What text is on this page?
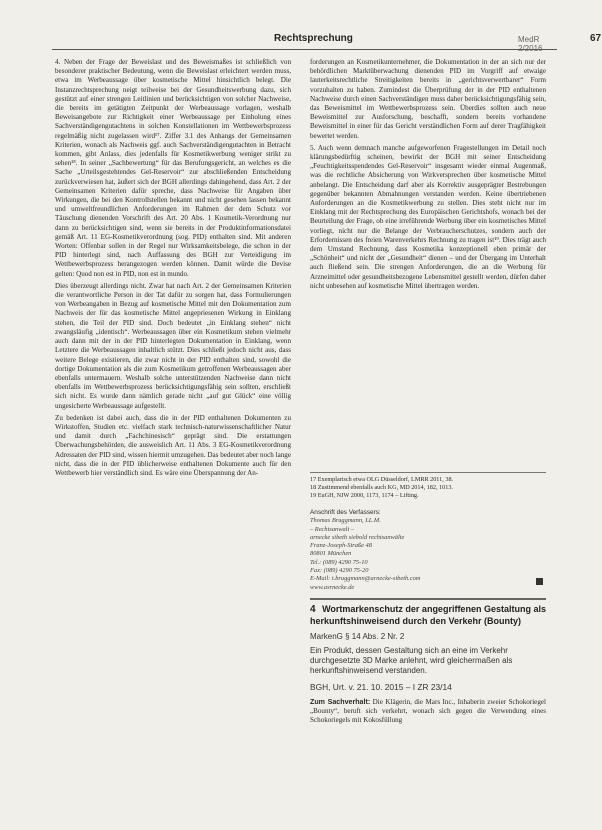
Rechtsprechung	MedR 2/2016
67

4. Neben der Frage der Beweislast und des Beweismaßes ist schließlich von besonderer praktischer Bedeutung, wenn die Beweislast erleichtert werden muss, etwa im Werbeaussage über kosmetische Mittel hinsichtlich belegt. Die Instanzrechtsprechung neigt teilweise bei der Gesundheitswerbung dazu, sich gestützt auf einer strengen Leitlinien und berücksichtigen von solcher Nachweise, die bereits im getätigten Zeitpunkt der Werbeaussage vorlagen, weshalb Beweisangebote zur Richtigkeit einer Werbeaussage per Einholung eines Sachverständigengutachtens in solchen Konstellationen im Wettbewerbsprozess regelmäßig nicht zugelassen wird¹⁷. Ziffer 3.1 des Anhangs der Gemeinsamen Kriterien, wonach als Nachweis ggf. auch Sachverständigengutachten in Betracht kommen, gibt Anlass, dies jedenfalls für Kosmetikwerbung weniger strikt zu sehen¹⁸. In seiner „Sachbewertung“ für das Berufungsgericht, an welches es die Sache „Urteilsgestehtendes Gel-Reservoir“ zur abschließenden Entscheidung zurückverwiesen hat, äußert sich der BGH allerdings dahingehend, dass Art. 2 der Gemeinsamen Kriterien dafür spreche, dass Nachweise für Angaben über Wirkungen, die bei den Kontrollstellen bekannt und nicht gesehen lassen bekannt und umweltfreundlichen Anforderungen im Rahmen der dem Schutz vor Täuschung dienenden Vorschrift des Art. 20 Abs. 1 Kosmetik-Verordnung nur dann zu berücksichtigen sind, wenn sie bereits in der Produktinformationsdatei gemäß Art. 11 EG-Kosmetikverordnung (sog. PID) enthalten sind. Mit anderen Worten: Offenbar sollen in der Regel nur Wirksamkeitsbelege, die schon in der PID hinterlegt sind, nach Auffassung des BGH zur Verteidigung im Wettbewerbsprozess herangezogen werden können. Damit würde die Devise gelten: Quod non est in PID, non est in mundo.

Dies überzeugt allerdings nicht. Zwar hat nach Art. 2 der Gemeinsamen Kriterien die verantwortliche Person in der Tat dafür zu sorgen hat, dass Formulierungen von Werbeangaben in Bezug auf kosmetische Mittel mit den Dokumentation zum Nachweis der für das kosmetische Mittel angepriesenen Wirkung in Einklang stehen, die Teil der PID sind. Doch bedeutet „in Einklang stehen“ nicht zwangsläufig „identisch“. Werbeaussagen über ein Kosmetikum stehen vielmehr auch dann mit der in der PID hinterlegten Dokumentation in Einklang, wenn Letztere die Werbeaussagen inhaltlich stützt. Dies schließt jedoch nicht aus, dass weitere Belege existieren, die zwar nicht in der PID enthalten sind, sowohl die dortige Dokumentation als die zum Kosmetikum getroffenen Werbeaussagen aber ebenfalls untermauern. Weshalb solche unterstützenden Nachweise dann nicht ebenfalls im Wettbewerbsprozess berücksichtigungsfähig sein sollten, erschließt sich nicht. Es wurde dann nämlich gerade nicht „auf gut Glück“ eine völlig ungesicherte Werbeaussage aufgestellt.

Zu bedenken ist dabei auch, dass die in der PID enthaltenen Dokumenten zu Wirkstoffen, Studien etc. vielfach stark technisch-naturwissenschaftlicher Natur und damit durch „Fachchinesisch“ geprägt sind. Die erstattungen Überwachungsbehörden, die ausweislich Art. 11 Abs. 3 EG-Kosmetikverordnung Adressaten der PID sind, wissen hiermit umzugehen. Das bedeutet aber noch lange nicht, dass die in der PID üblicherweise enthaltenen Dokumente auch für den Wettbewerb hier verständlich sind. Es wäre eine Überspannung der An-

forderungen an Kosmetikunternehmer, die Dokumentation in der an sich nur der behördlichen Marktüberwachung dienenden PID im Vorgriff auf etwaige lauterkeitsrechtliche Streitigkeiten bereits in „gerichtsverwertbarer“ Form vorzuhalten zu haben. Zumindest die Überprüfung der in der PID enthaltenen Nachweise durch einen Sachverständigen muss daher berücksichtigungsfähig sein, das Beweismittel im Wettbewerbsprozess sein. Überdies sollten auch neue Beweismittel zur Ausforschung, beschafft, sondern bereits vorhandene Beweismittel in einer für das Gericht verständlichen Form auf derer Tragfähigkeit bewertet werden.

5. Auch wenn demnach manche aufgeworfenen Fragestellungen im Detail noch klärungsbedürftig scheinen, bewirkt der BGH mit seiner Entscheidung „Feuchtigkeitsspendendes Gel-Reservoir“ insgesamt wieder einmal Augenmaß, was die rechtliche Absicherung von Wirkversprechen über kosmetische Mittel anbelangt. Die Entscheidung darf aber als Korrektiv ausgeprägter Bestrebungen gegenüber bekannten Abmahnungen verstanden werden. Keine übertriebenen Anforderungen an die Kosmetikwerbung zu stellen. Dies steht nicht nur im Einklang mit der Rechtsprechung des Europäischen Gerichtshofs, wonach bei der Beurteilung der Frage, ob eine irreführende Werbung über ein kosmetisches Mittel vorliegt, nicht nur die Belange der Verbraucherschutzes, sondern auch der Erfordernissen des freien Warenverkehrs Rechnung zu tragen ist¹⁹. Dies trägt auch dem Umstand Rechnung, dass Kosmetika konzeptionell eben primär der „Schönheit“ und nicht der „Gesundheit“ dienen – und der Übergang im Unterhalt auch fließend sein. Die strengen Anforderungen, die an die Werbung für Arzneimittel oder gesundheitsbezogene Lebensmittel gestellt werden, dürfen daher nicht unbesehen auf kosmetische Mittel übertragen werden.

17 Exemplarisch etwa OLG Düsseldorf, LMRR 2011, 38.
18 Zustimmend ebenfalls auch KG, MD 2014, 182, 1013.
19 EuGH, NJW 2000, 1173, 1174 – Lifting.
Anschrift des Verfassers:
Thomas Bruggmann, LL.M.
– Rechtsanwalt –
arnecke sibeth siebold rechtsanwälte
Franz-Joseph-Straße 48
80801 München
Tel.: (089) 4290 75-10
Fax: (089) 4290 75-20
E-Mail: t.bruggmann@arnecke-sibeth.com
www.asrnecke.de
4 Wortmarkenschutz der angegriffenen Gestaltung als herkunftshinweisend durch den Verkehr (Bounty)
MarkenG § 14 Abs. 2 Nr. 2
Ein Produkt, dessen Gestaltung sich an eine im Verkehr durchgesetzte 3D Marke anlehnt, wird gleichermaßen als herkunftshinweisend verstanden.
BGH, Urt. v. 21. 10. 2015 – I ZR 23/14
Zum Sachverhalt: Die Klägerin, die Mars Inc., Inhaberin zweier Schokoriegel „Bounty“, beruft sich verkehrt, wonach sich gegen die Verwendung eines Schokoriegels mit Kokosfüllung
